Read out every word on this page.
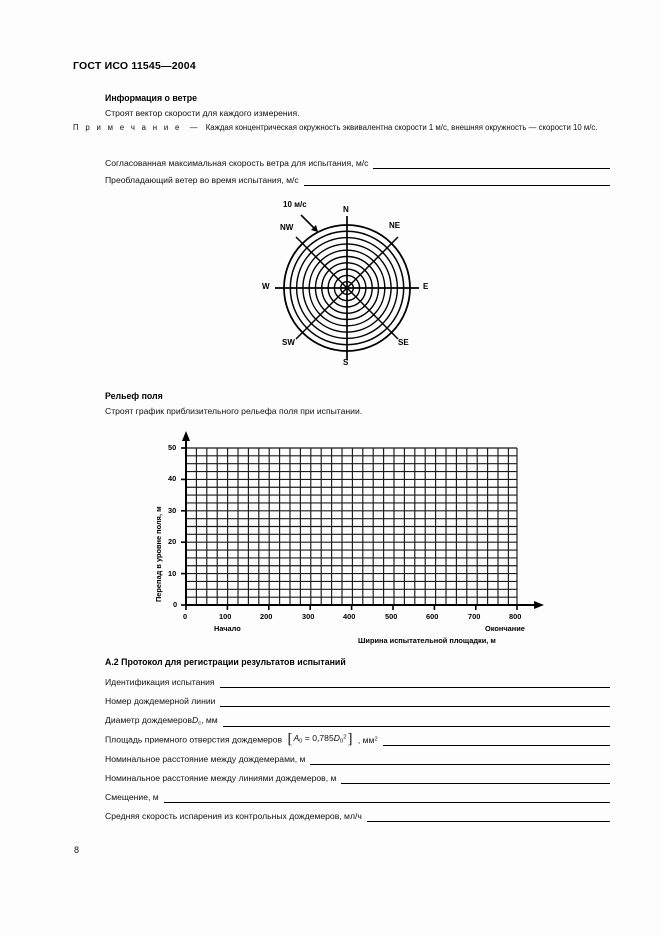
ГОСТ ИСО 11545—2004
Информация о ветре
Строят вектор скорости для каждого измерения.
П р и м е ч а н и е — Каждая концентрическая окружность эквивалентна скорости 1 м/с, внешняя окружность — скорости 10 м/с.
Согласованная максимальная скорость ветра для испытания, м/с
Преобладающий ветер во время испытания, м/с
10 м/с
N
NE
E
SE
S
SW
W
NW
Рельеф поля
Строят график приблизительного рельефа поля при испытании.
50
40
30
20
10
0
0	100	200	300	400	500	600	700	800
Начало	Окончание
Ширина испытательной площадки, м
Перепад в уровне поля, м
А.2 Протокол для регистрации результатов испытаний
Идентификация испытания
Номер дождемерной линии
Диаметр дождемеровD$_c$, мм
Площадь приемного отверстия дождемеров [ $A_0 = 0,785D_0^2$ ] , $мм^2$
Номинальное расстояние между дождемерами, м
Номинальное расстояние между линиями дождемеров, м
Смещение, м
Средняя скорость испарения из контрольных дождемеров, мл/ч
8
